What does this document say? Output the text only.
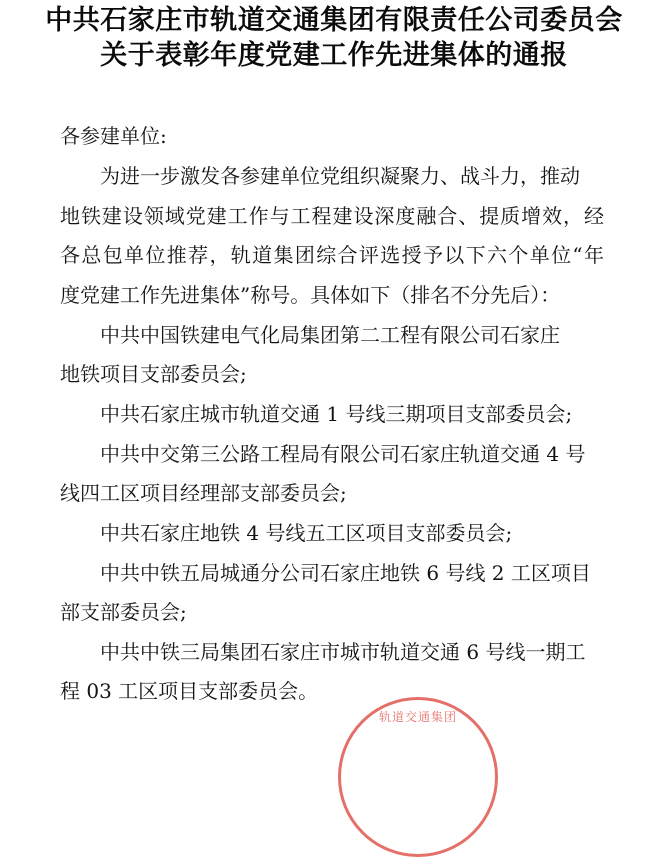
中共石家庄市轨道交通集团有限责任公司委员会
关于表彰年度党建工作先进集体的通报
各参建单位:
为进一步激发各参建单位党组织凝聚力、战斗力，推动
地铁建设领域党建工作与工程建设深度融合、提质增效，经
各总包单位推荐，轨道集团综合评选授予以下六个单位“年
度党建工作先进集体”称号。具体如下（排名不分先后）：
中共中国铁建电气化局集团第二工程有限公司石家庄
地铁项目支部委员会;
中共石家庄城市轨道交通 1 号线三期项目支部委员会;
中共中交第三公路工程局有限公司石家庄轨道交通 4 号
线四工区项目经理部支部委员会;
中共石家庄地铁 4 号线五工区项目支部委员会;
中共中铁五局城通分公司石家庄地铁 6 号线 2 工区项目
部支部委员会;
中共中铁三局集团石家庄市城市轨道交通 6 号线一期工
程 03 工区项目支部委员会。
轨道交通集团
